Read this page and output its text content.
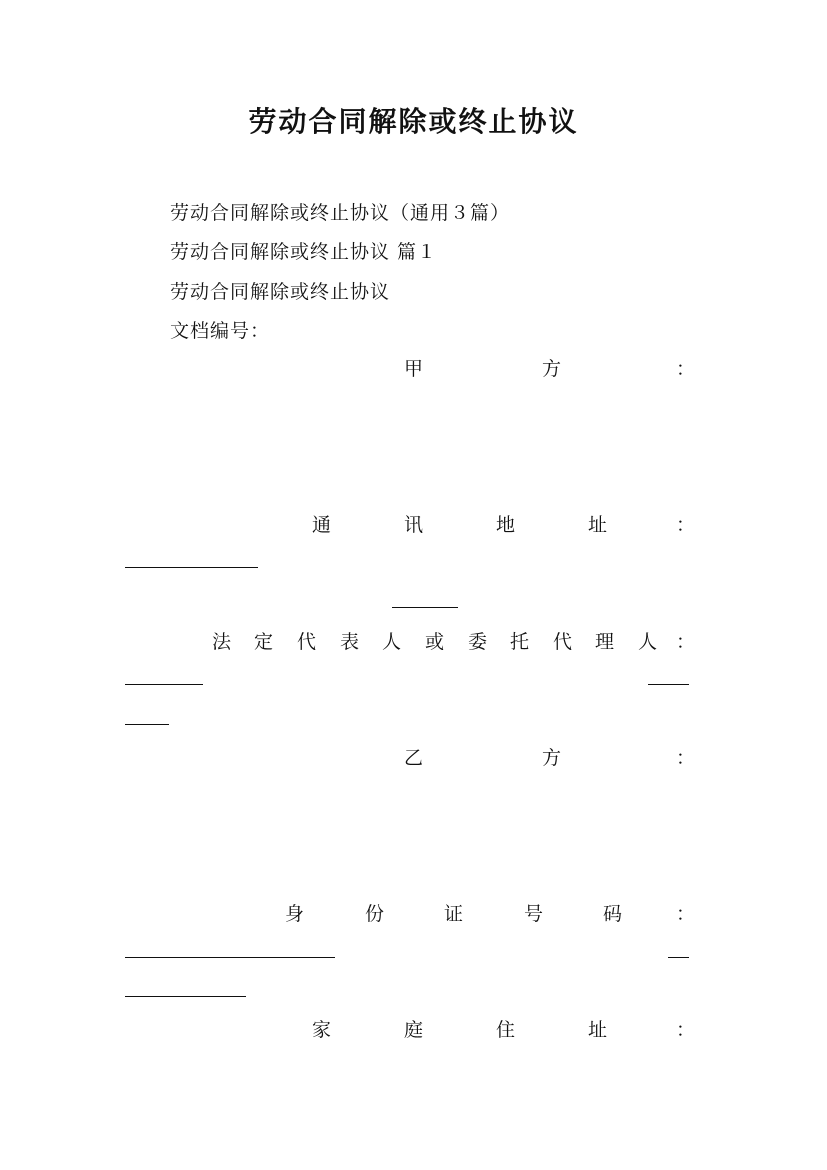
劳动合同解除或终止协议
劳动合同解除或终止协议（通用３篇）
劳动合同解除或终止协议 篇１
劳动合同解除或终止协议
文档编号：
甲	方	：
通	讯	地	址	：
法 定 代 表 人 或 委 托 代 理 人 ：
乙	方	：
身	份	证	号	码	：
家	庭	住	址	：
